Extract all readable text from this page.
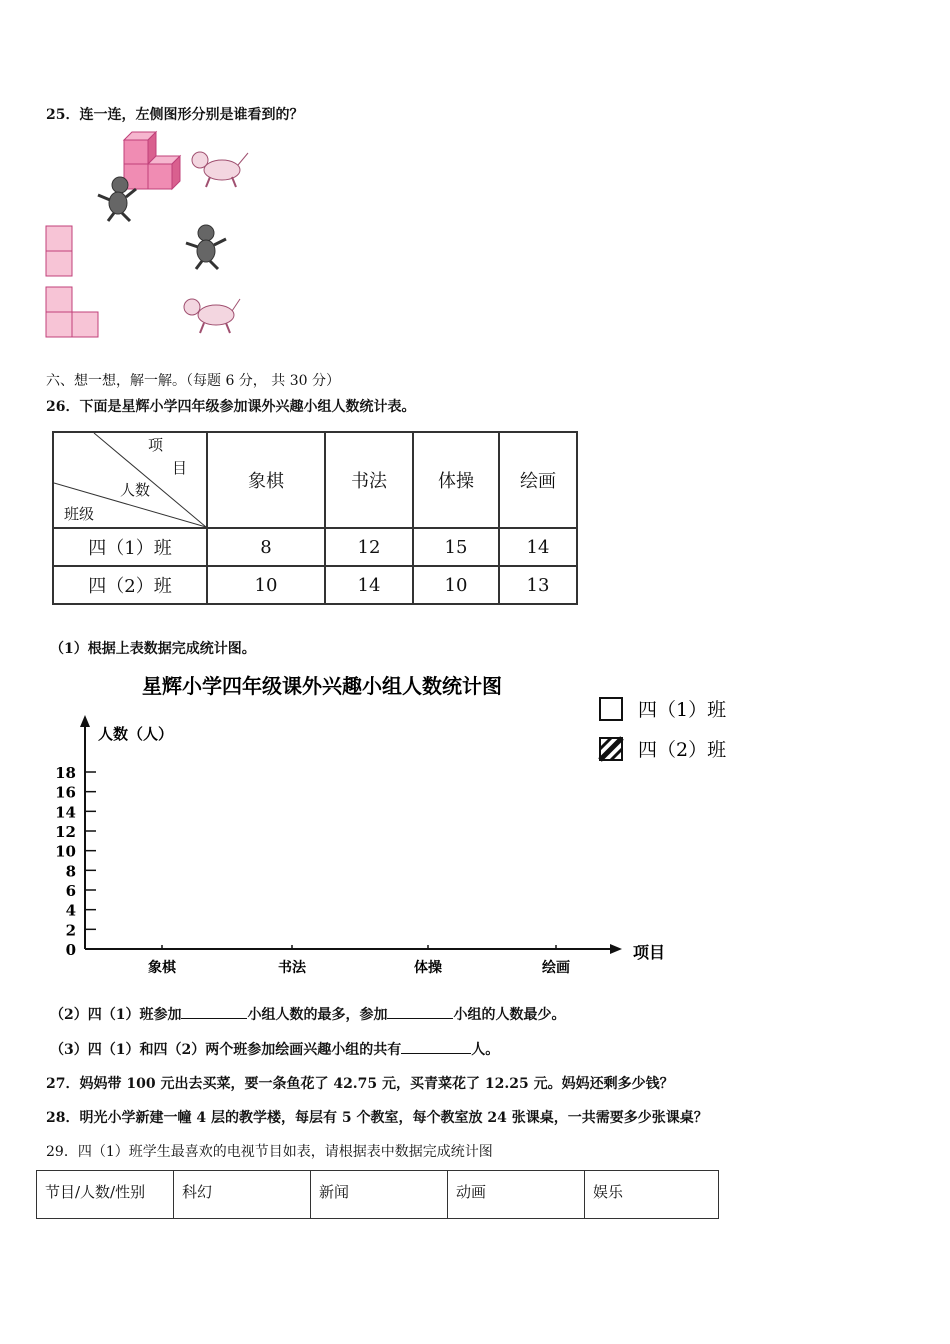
25．连一连，左侧图形分别是谁看到的？
六、想一想，解一解。（每题 6 分， 共 30 分）
26．下面是星辉小学四年级参加课外兴趣小组人数统计表。
项
目
人数
班级	象棋	书法	体操	绘画
四（1）班	8	12	15	14
四（2）班	10	14	10	13
（1）根据上表数据完成统计图。
星辉小学四年级课外兴趣小组人数统计图
四（1）班
四（2）班
人数（人）
项目
0
2
4
6
8
10
12
14
16
18
象棋	书法	体操	绘画
（2）四（1）班参加	小组人数的最多，参加	小组的人数最少。
（3）四（1）和四（2）两个班参加绘画兴趣小组的共有	人。
27．妈妈带 100 元出去买菜，要一条鱼花了 42.75 元，买青菜花了 12.25 元。妈妈还剩多少钱？
28．明光小学新建一幢 4 层的教学楼，每层有 5 个教室，每个教室放 24 张课桌，一共需要多少张课桌？
29．四（1）班学生最喜欢的电视节目如表，请根据表中数据完成统计图
节目/人数/性别	科幻	新闻	动画	娱乐
